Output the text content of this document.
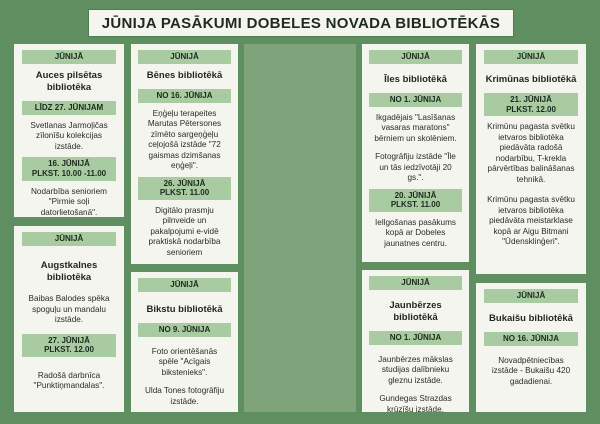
JŪNIJA PASĀKUMI DOBELES NOVADA BIBLIOTĒKĀS
JŪNIJĀ
Auces pilsētas bibliotēka
LĪDZ 27. JŪNIJAM
Svetlanas Jarmoļičas zīlonīšu kolekcijas izstāde.
16. JŪNIJĀ
PLKST. 10.00 -11.00
Nodarbība senioriem "Pirmie soļi datorlietošanā".
JŪNIJĀ
Augstkalnes bibliotēka
Baibas Balodes spēka spoguļu un mandalu izstāde.
27. JŪNIJĀ
PLKST. 12.00
Radošā darbnīca "Punktiņmandalas".
JŪNIJĀ
Bēnes bibliotēkā
NO 16. JŪNIJA
Eņģeļu terapeites Marutas Pētersones zīmēto sargeņģeļu ceļojošā izstāde "72 gaismas dzimšanas eņģeļi".
26. JŪNIJĀ
PLKST. 11.00
Digitālo prasmju pilnveide un pakalpojumi e-vidē praktiskā nodarbība senioriem
JŪNIJĀ
Bikstu bibliotēkā
NO 9. JŪNIJA
Foto orientēšanās spēle "Acīgais bikstenieks".
Ulda Tones fotogrāfiju izstāde.
JŪNIJĀ
Īles bibliotēkā
NO 1. JŪNIJA
Ikgadējais "Lasīšanas vasaras maratons" bērniem un skolēniem.
Fotogrāfiju izstāde "Īle un tās iedzīvotāji 20 gs.".
20. JŪNIJĀ
PLKST. 11.00
Iellgošanas pasākums kopā ar Dobeles jaunatnes centru.
JŪNIJĀ
Jaunbērzes bibliotēkā
NO 1. JŪNIJA
Jaunbērzes mākslas studijas dalībnieku gleznu izstāde.
Gundegas Strazdas krūzīšu izstāde.
JŪNIJĀ
Krimūnas bibliotēkā
21. JŪNIJĀ
PLKST. 12.00
Krimūnu pagasta svētku ietvaros bibliotēka piedāvāta radošā nodarbību, T-krekla pārvērtības balināšanas tehnikā.
Krimūnu pagasta svētku ietvaros bibliotēka piedāvāta meistarklase kopā ar Aigu Bitmani "Ūdensklinģeri".
JŪNIJĀ
Bukaišu bibliotēkā
NO 16. JŪNIJA
Novadpētniecības izstāde - Bukaišu 420 gadadienai.
